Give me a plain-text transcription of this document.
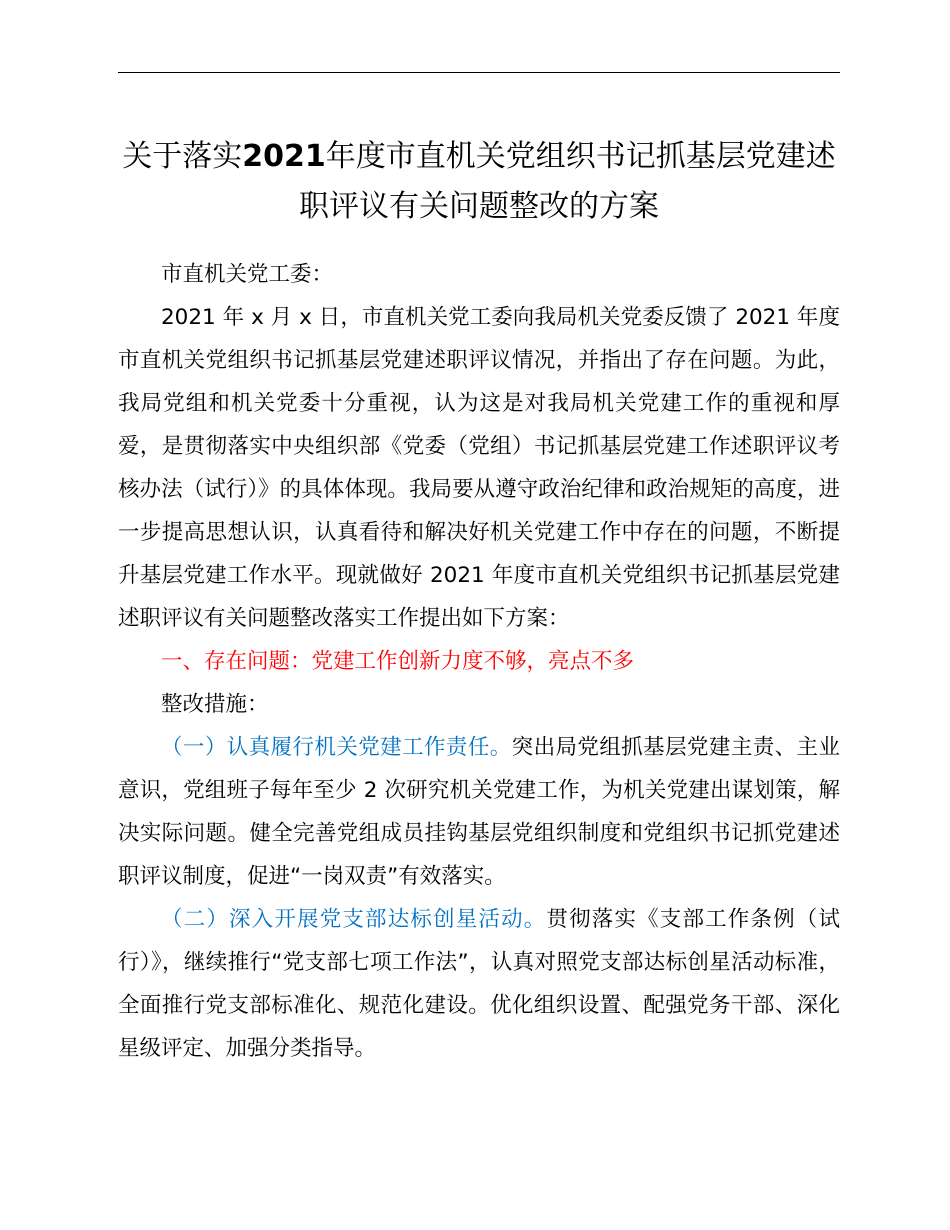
关于落实2021年度市直机关党组织书记抓基层党建述职评议有关问题整改的方案

市直机关党工委：

2021 年 x 月 x 日，市直机关党工委向我局机关党委反馈了 2021 年度市直机关党组织书记抓基层党建述职评议情况，并指出了存在问题。为此，我局党组和机关党委十分重视，认为这是对我局机关党建工作的重视和厚爱，是贯彻落实中央组织部《党委（党组）书记抓基层党建工作述职评议考核办法（试行）》的具体体现。我局要从遵守政治纪律和政治规矩的高度，进一步提高思想认识，认真看待和解决好机关党建工作中存在的问题，不断提升基层党建工作水平。现就做好 2021 年度市直机关党组织书记抓基层党建述职评议有关问题整改落实工作提出如下方案：

一、存在问题：党建工作创新力度不够，亮点不多

整改措施：

（一）认真履行机关党建工作责任。突出局党组抓基层党建主责、主业意识，党组班子每年至少 2 次研究机关党建工作，为机关党建出谋划策，解决实际问题。健全完善党组成员挂钩基层党组织制度和党组织书记抓党建述职评议制度，促进“一岗双责”有效落实。

（二）深入开展党支部达标创星活动。贯彻落实《支部工作条例（试行）》，继续推行“党支部七项工作法”，认真对照党支部达标创星活动标准，全面推行党支部标准化、规范化建设。优化组织设置、配强党务干部、深化星级评定、加强分类指导。
